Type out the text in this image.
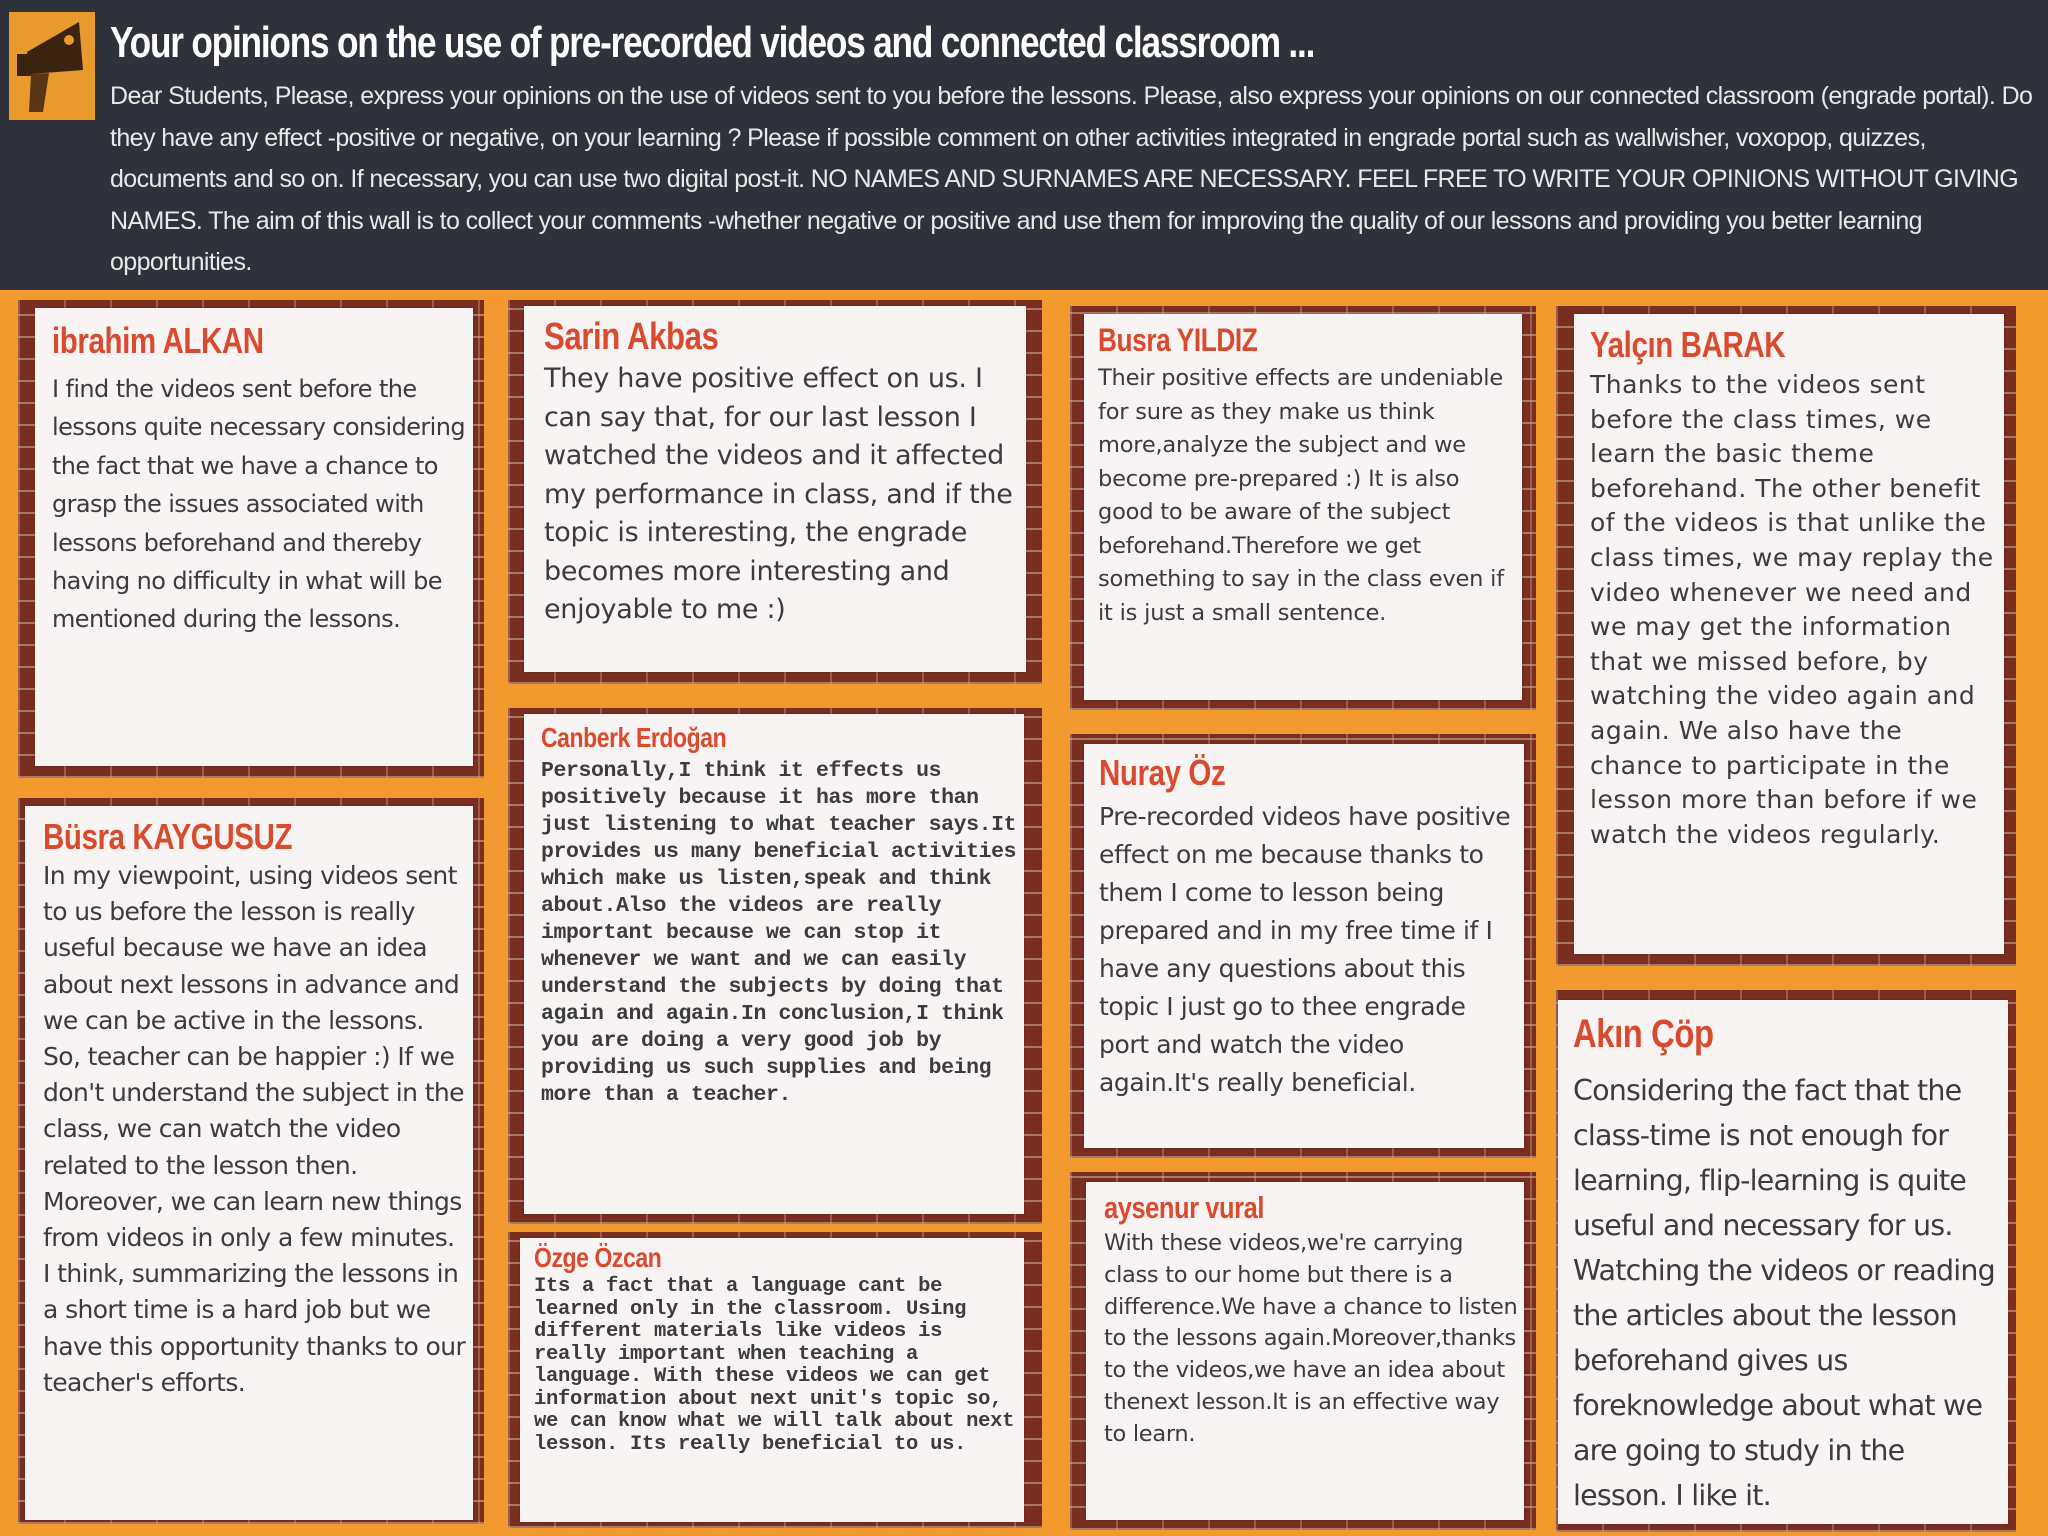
Your opinions on the use of pre-recorded videos and connected classroom ...
Dear Students, Please, express your opinions on the use of videos sent to you before the lessons. Please, also express your opinions on our connected classroom (engrade portal). Do they have any effect -positive or negative, on your learning ? Please if possible comment on other activities integrated in engrade portal such as wallwisher, voxopop, quizzes, documents and so on. If necessary, you can use two digital post-it. NO NAMES AND SURNAMES ARE NECESSARY. FEEL FREE TO WRITE YOUR OPINIONS WITHOUT GIVING NAMES. The aim of this wall is to collect your comments -whether negative or positive and use them for improving the quality of our lessons and providing you better learning opportunities.
ibrahim ALKAN
I find the videos sent before the lessons quite necessary considering the fact that we have a chance to grasp the issues associated with lessons beforehand and thereby having no difficulty in what will be mentioned during the lessons.
Büsra KAYGUSUZ
In my viewpoint, using videos sent to us before the lesson is really useful because we have an idea about next lessons in advance and we can be active in the lessons. So, teacher can be happier :) If we don't understand the subject in the class, we can watch the video related to the lesson then. Moreover, we can learn new things from videos in only a few minutes. I think, summarizing the lessons in a short time is a hard job but we have this opportunity thanks to our teacher's efforts.
Sarin Akbas
They have positive effect on us. I can say that, for our last lesson I watched the videos and it affected my performance in class, and if the topic is interesting, the engrade becomes more interesting and enjoyable to me :)
Canberk Erdoğan
Personally,I think it effects us positively because it has more than just listening to what teacher says.It provides us many beneficial activities which make us listen,speak and think about.Also the videos are really important because we can stop it whenever we want and we can easily understand the subjects by doing that again and again.In conclusion,I think you are doing a very good job by providing us such supplies and being more than a teacher.
Özge Özcan
Its a fact that a language cant be learned only in the classroom. Using different materials like videos is really important when teaching a language. With these videos we can get information about next unit's topic so, we can know what we will talk about next lesson. Its really beneficial to us.
Busra YILDIZ
Their positive effects are undeniable for sure as they make us think more,analyze the subject and we become pre-prepared :) It is also good to be aware of the subject beforehand.Therefore we get something to say in the class even if it is just a small sentence.
Nuray Öz
Pre-recorded videos have positive effect on me because thanks to them I come to lesson being prepared and in my free time if I have any questions about this topic I just go to thee engrade port and watch the video again.It's really beneficial.
aysenur vural
With these videos,we're carrying class to our home but there is a difference.We have a chance to listen to the lessons again.Moreover,thanks to the videos,we have an idea about thenext lesson.It is an effective way to learn.
Yalçın BARAK
Thanks to the videos sent before the class times, we learn the basic theme beforehand. The other benefit of the videos is that unlike the class times, we may replay the video whenever we need and we may get the information that we missed before, by watching the video again and again. We also have the chance to participate in the lesson more than before if we watch the videos regularly.
Akın Çöp
Considering the fact that the class-time is not enough for learning, flip-learning is quite useful and necessary for us. Watching the videos or reading the articles about the lesson beforehand gives us foreknowledge about what we are going to study in the lesson. I like it.
